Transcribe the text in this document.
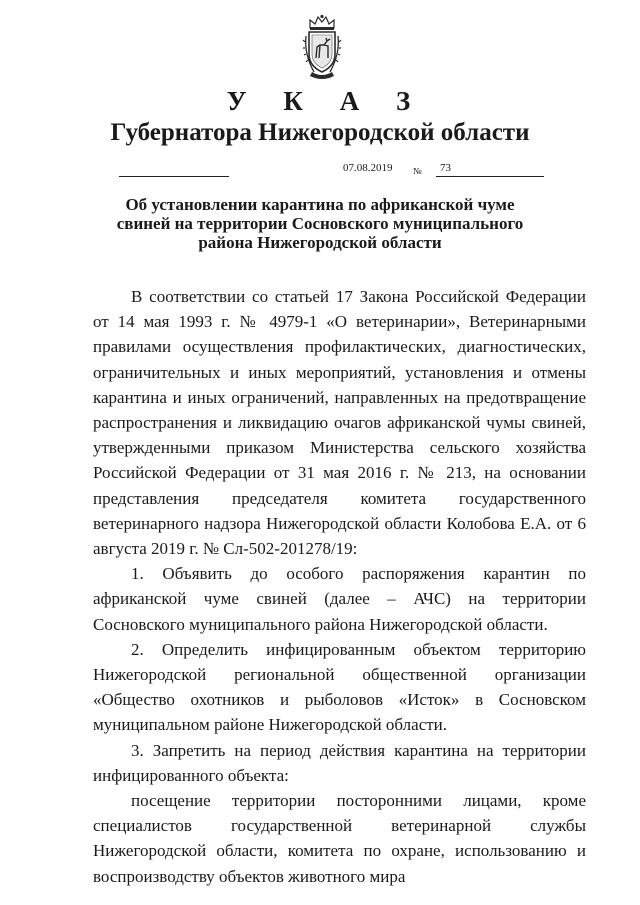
У К А З
Губернатора Нижегородской области
07.08.2019 № 73
Об установлении карантина по африканской чуме свиней на территории Сосновского муниципального района Нижегородской области

В соответствии со статьей 17 Закона Российской Федерации от 14 мая 1993 г. № 4979-1 «О ветеринарии», Ветеринарными правилами осуществления профилактических, диагностических, ограничительных и иных мероприятий, установления и отмены карантина и иных ограничений, направленных на предотвращение распространения и ликвидацию очагов африканской чумы свиней, утвержденными приказом Министерства сельского хозяйства Российской Федерации от 31 мая 2016 г. № 213, на основании представления председателя комитета государственного ветеринарного надзора Нижегородской области Колобова Е.А. от 6 августа 2019 г. № Сл-502-201278/19:

1. Объявить до особого распоряжения карантин по африканской чуме свиней (далее – АЧС) на территории Сосновского муниципального района Нижегородской области.

2. Определить инфицированным объектом территорию Нижегородской региональной общественной организации «Общество охотников и рыболовов «Исток» в Сосновском муниципальном районе Нижегородской области.

3. Запретить на период действия карантина на территории инфицированного объекта:

посещение территории посторонними лицами, кроме специалистов государственной ветеринарной службы Нижегородской области, комитета по охране, использованию и воспроизводству объектов животного мира
